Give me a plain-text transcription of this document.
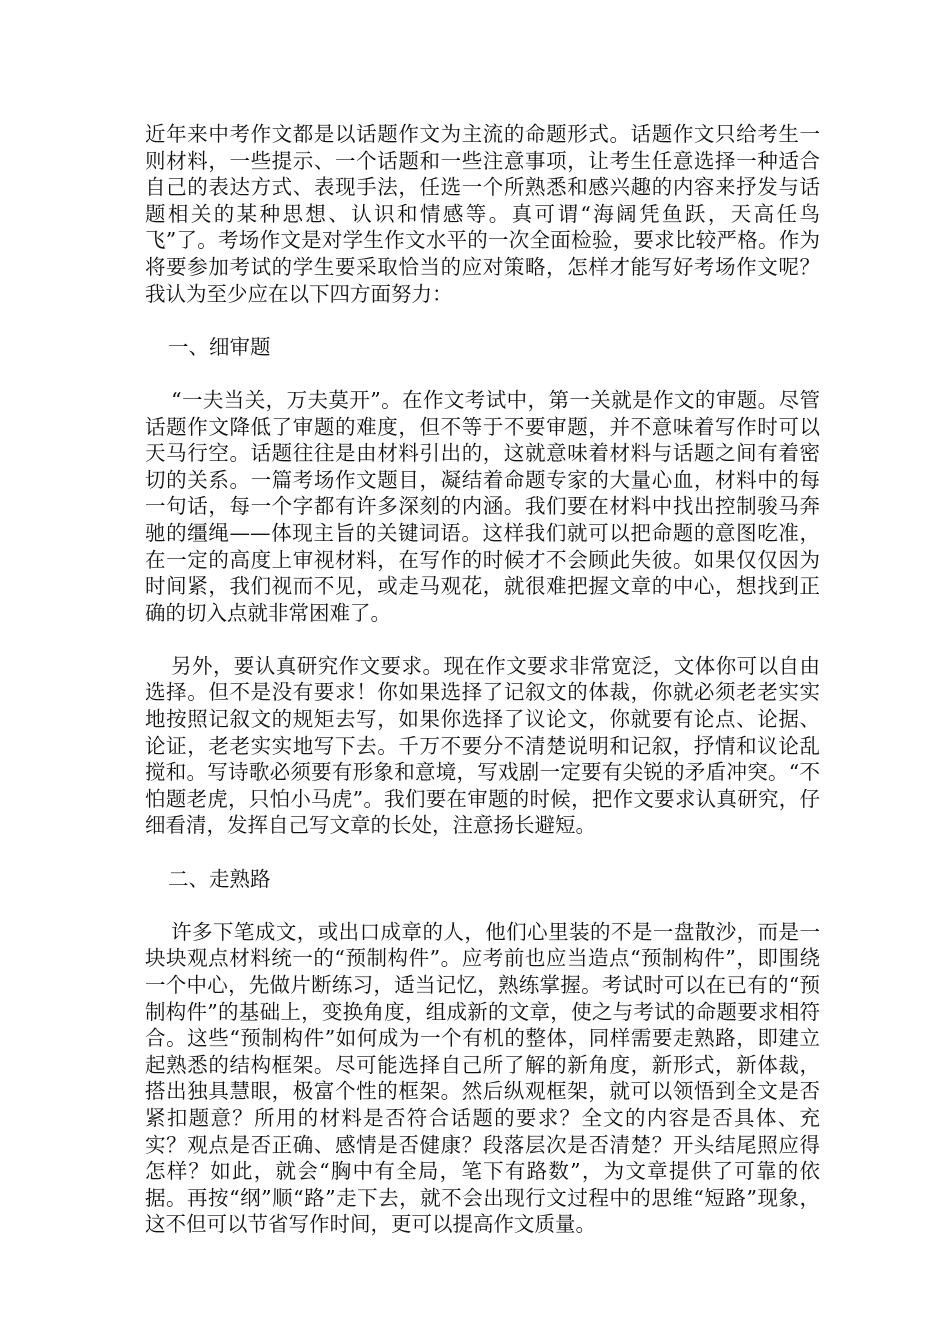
近年来中考作文都是以话题作文为主流的命题形式。话题作文只给考生一则材料，一些提示、一个话题和一些注意事项，让考生任意选择一种适合自己的表达方式、表现手法，任选一个所熟悉和感兴趣的内容来抒发与话题相关的某种思想、认识和情感等。真可谓“海阔凭鱼跃，天高任鸟飞”了。考场作文是对学生作文水平的一次全面检验，要求比较严格。作为将要参加考试的学生要采取恰当的应对策略，怎样才能写好考场作文呢？我认为至少应在以下四方面努力：

一、细审题

“一夫当关，万夫莫开”。在作文考试中，第一关就是作文的审题。尽管话题作文降低了审题的难度，但不等于不要审题，并不意味着写作时可以天马行空。话题往往是由材料引出的，这就意味着材料与话题之间有着密切的关系。一篇考场作文题目，凝结着命题专家的大量心血，材料中的每一句话，每一个字都有许多深刻的内涵。我们要在材料中找出控制骏马奔驰的缰绳——体现主旨的关键词语。这样我们就可以把命题的意图吃准，在一定的高度上审视材料，在写作的时候才不会顾此失彼。如果仅仅因为时间紧，我们视而不见，或走马观花，就很难把握文章的中心，想找到正确的切入点就非常困难了。

另外，要认真研究作文要求。现在作文要求非常宽泛，文体你可以自由选择。但不是没有要求！你如果选择了记叙文的体裁，你就必须老老实实地按照记叙文的规矩去写，如果你选择了议论文，你就要有论点、论据、论证，老老实实地写下去。千万不要分不清楚说明和记叙，抒情和议论乱搅和。写诗歌必须要有形象和意境，写戏剧一定要有尖锐的矛盾冲突。“不怕题老虎，只怕小马虎”。我们要在审题的时候，把作文要求认真研究，仔细看清，发挥自己写文章的长处，注意扬长避短。

二、走熟路

许多下笔成文，或出口成章的人，他们心里装的不是一盘散沙，而是一块块观点材料统一的“预制构件”。应考前也应当造点“预制构件”，即围绕一个中心，先做片断练习，适当记忆，熟练掌握。考试时可以在已有的“预制构件”的基础上，变换角度，组成新的文章，使之与考试的命题要求相符合。这些“预制构件”如何成为一个有机的整体，同样需要走熟路，即建立起熟悉的结构框架。尽可能选择自己所了解的新角度，新形式，新体裁，搭出独具慧眼，极富个性的框架。然后纵观框架，就可以领悟到全文是否紧扣题意？所用的材料是否符合话题的要求？全文的内容是否具体、充实？观点是否正确、感情是否健康？段落层次是否清楚？开头结尾照应得怎样？如此，就会“胸中有全局，笔下有路数”，为文章提供了可靠的依据。再按“纲”顺“路”走下去，就不会出现行文过程中的思维“短路”现象，这不但可以节省写作时间，更可以提高作文质量。
